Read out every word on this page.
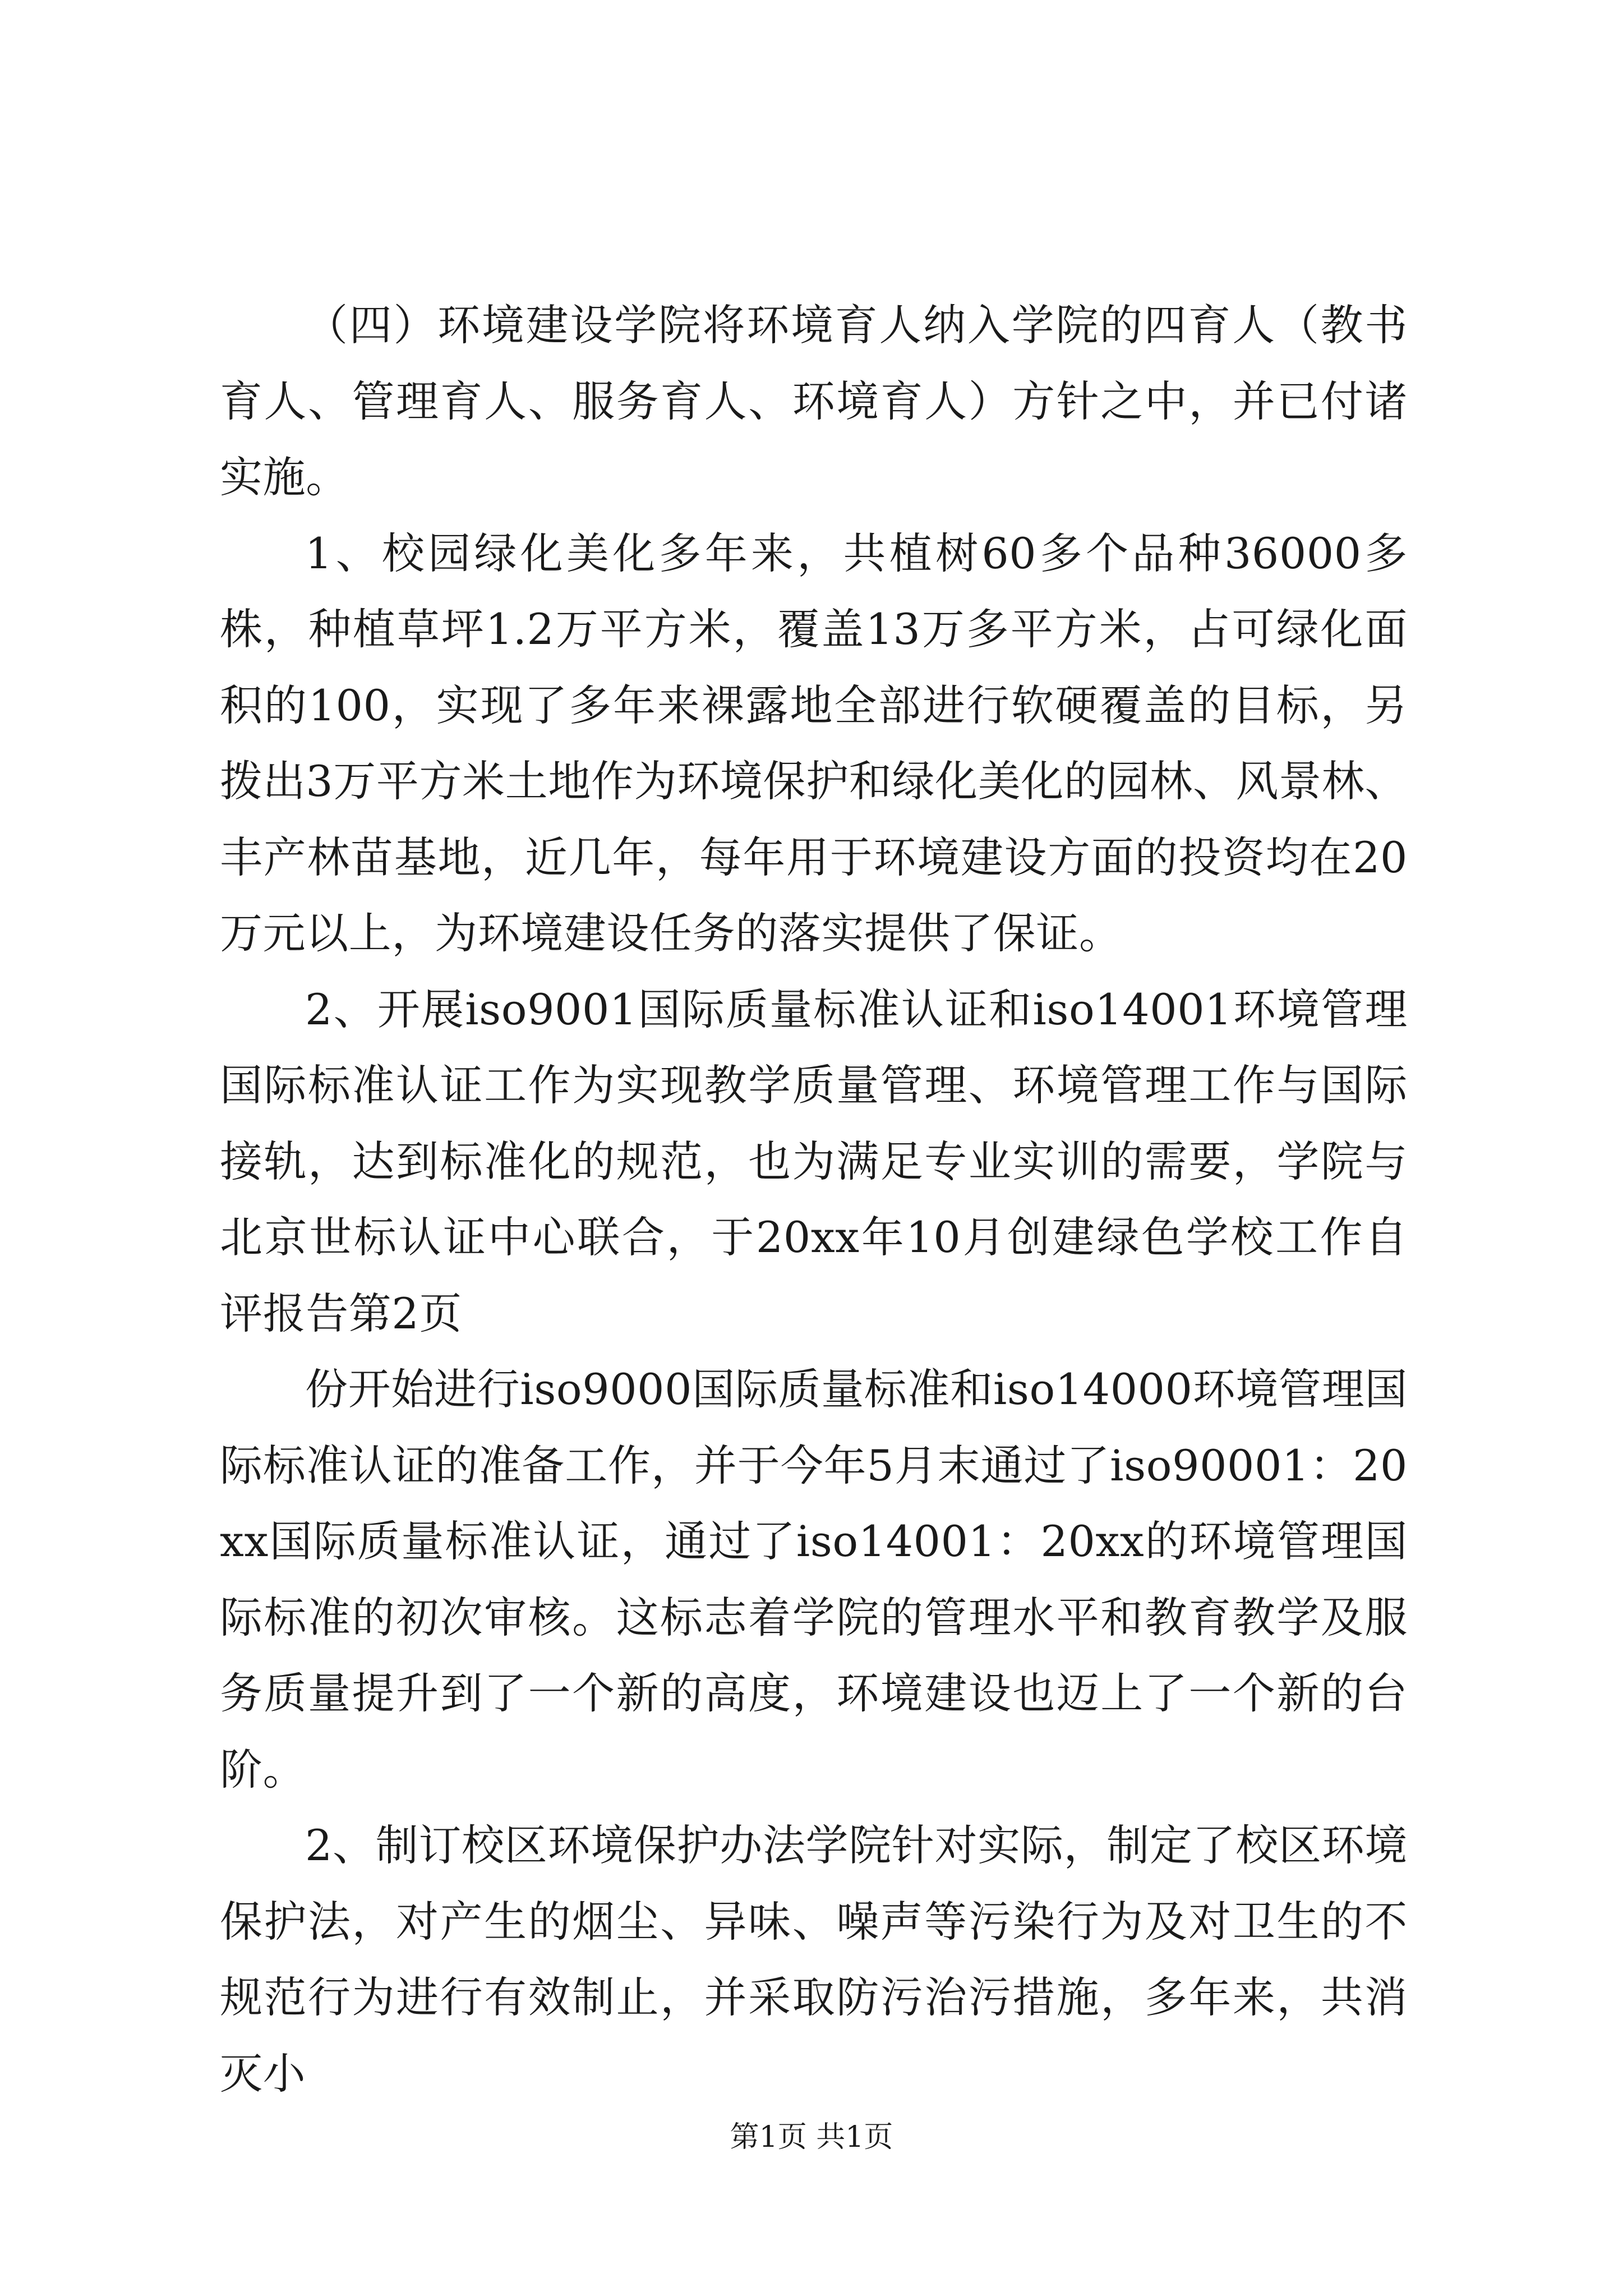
（四）环境建设学院将环境育人纳入学院的四育人（教书育人、管理育人、服务育人、环境育人）方针之中，并已付诸实施。

1、校园绿化美化多年来，共植树60多个品种36000多株，种植草坪1.2万平方米，覆盖13万多平方米，占可绿化面积的100，实现了多年来裸露地全部进行软硬覆盖的目标，另拨出3万平方米土地作为环境保护和绿化美化的园林、风景林、丰产林苗基地，近几年，每年用于环境建设方面的投资均在20万元以上，为环境建设任务的落实提供了保证。

2、开展iso9001国际质量标准认证和iso14001环境管理国际标准认证工作为实现教学质量管理、环境管理工作与国际接轨，达到标准化的规范，也为满足专业实训的需要，学院与北京世标认证中心联合，于20xx年10月创建绿色学校工作自评报告第2页

份开始进行iso9000国际质量标准和iso14000环境管理国际标准认证的准备工作，并于今年5月末通过了iso90001：20xx国际质量标准认证，通过了iso14001：20xx的环境管理国际标准的初次审核。这标志着学院的管理水平和教育教学及服务质量提升到了一个新的高度，环境建设也迈上了一个新的台阶。

2、制订校区环境保护办法学院针对实际，制定了校区环境保护法，对产生的烟尘、异味、噪声等污染行为及对卫生的不规范行为进行有效制止，并采取防污治污措施，多年来，共消灭小

第1页 共1页
